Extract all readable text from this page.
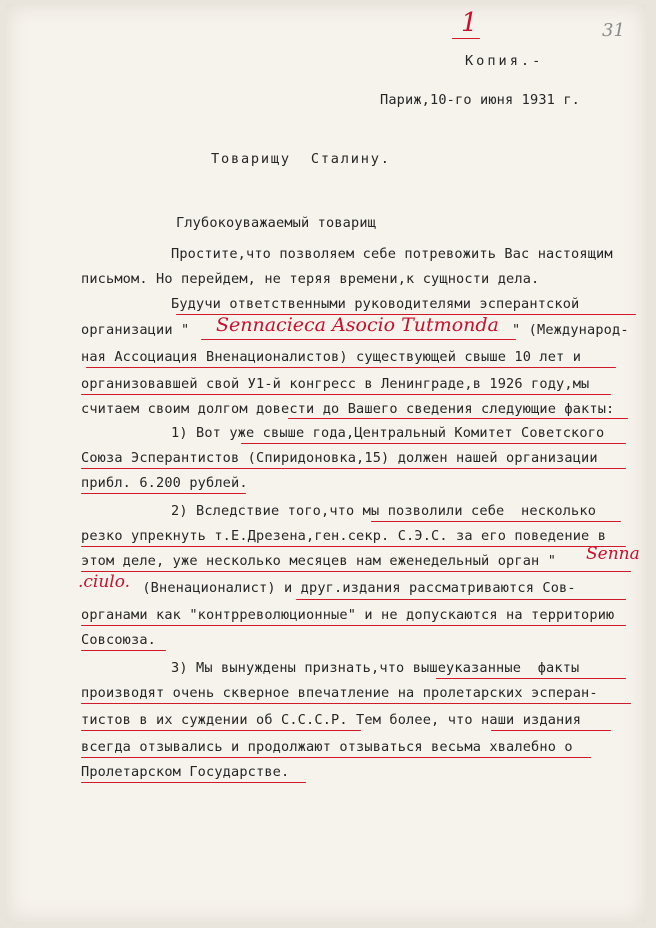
1	31
Копия.-
Париж,10-го июня 1931 г.
Товарищу  Сталину.
Глубокоуважаемый товарищ
Простите,что позволяем себе потревожить Вас настоящим
письмом. Но перейдем, не теряя времени,к сущности дела.
Будучи ответственными руководителями эсперантской
организации " Sennacieca Asocio Tutmonda " (Международ-
ная Ассоциация Вненационалистов) существующей свыше 10 лет и
организовавшей свой У1-й конгресс в Ленинграде,в 1926 году,мы
считаем своим долгом довести до Вашего сведения следующие факты:
1) Вот уже свыше года,Центральный Комитет Советского
Союза Эсперантистов (Спиридоновка,15) должен нашей организации
прибл. 6.200 рублей.
2) Вследствие того,что мы позволили себе  несколько
резко упрекнуть т.Е.Дрезена,ген.секр. С.Э.С. за его поведение в
этом деле, уже несколько месяцев нам еженедельный орган " Senna
.ciulo. (Вненационалист) и друг.издания рассматриваются Сов-
органами как "контрреволюционные" и не допускаются на территорию
Совсоюза.
3) Мы вынуждены признать,что вышеуказанные  факты
производят очень скверное впечатление на пролетарских эсперан-
тистов в их суждении об С.С.С.Р. Тем более, что наши издания
всегда отзывались и продолжают отзываться весьма хвалебно о
Пролетарском Государстве.
